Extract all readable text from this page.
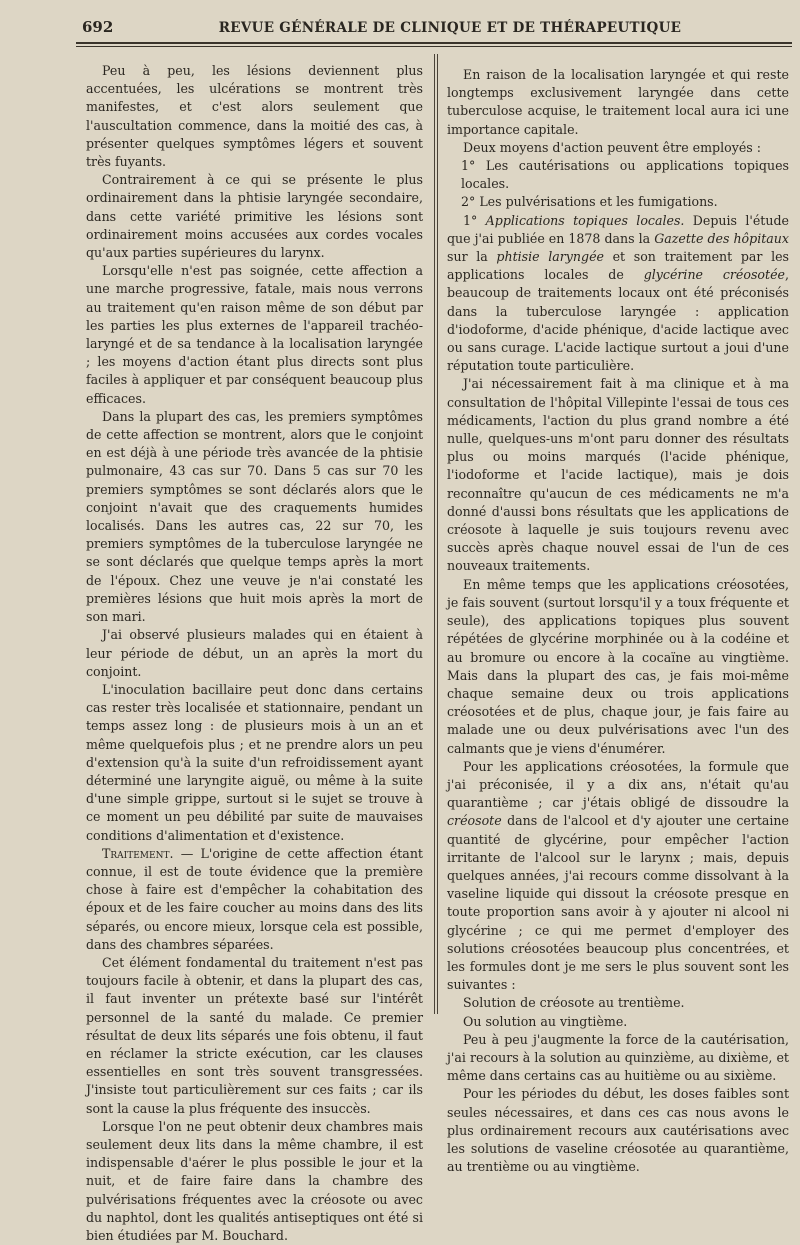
692	REVUE GÉNÉRALE DE CLINIQUE ET DE THÉRAPEUTIQUE

Peu à peu, les lésions deviennent plus accentuées, les ulcérations se montrent très manifestes, et c'est alors seulement que l'auscultation commence, dans la moitié des cas, à présenter quelques symptômes légers et souvent très fuyants.

Contrairement à ce qui se présente le plus ordinairement dans la phtisie laryngée secondaire, dans cette variété primitive les lésions sont ordinairement moins accusées aux cordes vocales qu'aux parties supérieures du larynx.

Lorsqu'elle n'est pas soignée, cette affection a une marche progressive, fatale, mais nous verrons au traitement qu'en raison même de son début par les parties les plus externes de l'appareil trachéo-laryngé et de sa tendance à la localisation laryngée ; les moyens d'action étant plus directs sont plus faciles à appliquer et par conséquent beaucoup plus efficaces.

Dans la plupart des cas, les premiers symptômes de cette affection se montrent, alors que le conjoint en est déjà à une période très avancée de la phtisie pulmonaire, 43 cas sur 70. Dans 5 cas sur 70 les premiers symptômes se sont déclarés alors que le conjoint n'avait que des craquements humides localisés. Dans les autres cas, 22 sur 70, les premiers symptômes de la tuberculose laryngée ne se sont déclarés que quelque temps après la mort de l'époux. Chez une veuve je n'ai constaté les premières lésions que huit mois après la mort de son mari.

J'ai observé plusieurs malades qui en étaient à leur période de début, un an après la mort du conjoint.

L'inoculation bacillaire peut donc dans certains cas rester très localisée et stationnaire, pendant un temps assez long : de plusieurs mois à un an et même quelquefois plus ; et ne prendre alors un peu d'extension qu'à la suite d'un refroidissement ayant déterminé une laryngite aiguë, ou même à la suite d'une simple grippe, surtout si le sujet se trouve à ce moment un peu débilité par suite de mauvaises conditions d'alimentation et d'existence.

Traitement. — L'origine de cette affection étant connue, il est de toute évidence que la première chose à faire est d'empêcher la cohabitation des époux et de les faire coucher au moins dans des lits séparés, ou encore mieux, lorsque cela est possible, dans des chambres séparées.

Cet élément fondamental du traitement n'est pas toujours facile à obtenir, et dans la plupart des cas, il faut inventer un prétexte basé sur l'intérêt personnel de la santé du malade. Ce premier résultat de deux lits séparés une fois obtenu, il faut en réclamer la stricte exécution, car les clauses essentielles en sont très souvent transgressées. J'insiste tout particulièrement sur ces faits ; car ils sont la cause la plus fréquente des insuccès.

Lorsque l'on ne peut obtenir deux chambres mais seulement deux lits dans la même chambre, il est indispensable d'aérer le plus possible le jour et la nuit, et de faire faire dans la chambre des pulvérisations fréquentes avec la créosote ou avec du naphtol, dont les qualités antiseptiques ont été si bien étudiées par M. Bouchard.

En raison de la localisation laryngée et qui reste longtemps exclusivement laryngée dans cette tuberculose acquise, le traitement local aura ici une importance capitale.

Deux moyens d'action peuvent être employés :

1° Les cautérisations ou applications topiques locales.

2° Les pulvérisations et les fumigations.

1° Applications topiques locales. Depuis l'étude que j'ai publiée en 1878 dans la Gazette des hôpitaux sur la phtisie laryngée et son traitement par les applications locales de glycérine créosotée, beaucoup de traitements locaux ont été préconisés dans la tuberculose laryngée : application d'iodoforme, d'acide phénique, d'acide lactique avec ou sans curage. L'acide lactique surtout a joui d'une réputation toute particulière.

J'ai nécessairement fait à ma clinique et à ma consultation de l'hôpital Villepinte l'essai de tous ces médicaments, l'action du plus grand nombre a été nulle, quelques-uns m'ont paru donner des résultats plus ou moins marqués (l'acide phénique, l'iodoforme et l'acide lactique), mais je dois reconnaître qu'aucun de ces médicaments ne m'a donné d'aussi bons résultats que les applications de créosote à laquelle je suis toujours revenu avec succès après chaque nouvel essai de l'un de ces nouveaux traitements.

En même temps que les applications créosotées, je fais souvent (surtout lorsqu'il y a toux fréquente et seule), des applications topiques plus souvent répétées de glycérine morphinée ou à la codéine et au bromure ou encore à la cocaïne au vingtième. Mais dans la plupart des cas, je fais moi-même chaque semaine deux ou trois applications créosotées et de plus, chaque jour, je fais faire au malade une ou deux pulvérisations avec l'un des calmants que je viens d'énumérer.

Pour les applications créosotées, la formule que j'ai préconisée, il y a dix ans, n'était qu'au quarantième ; car j'étais obligé de dissoudre la créosote dans de l'alcool et d'y ajouter une certaine quantité de glycérine, pour empêcher l'action irritante de l'alcool sur le larynx ; mais, depuis quelques années, j'ai recours comme dissolvant à la vaseline liquide qui dissout la créosote presque en toute proportion sans avoir à y ajouter ni alcool ni glycérine ; ce qui me permet d'employer des solutions créosotées beaucoup plus concentrées, et les formules dont je me sers le plus souvent sont les suivantes :

Solution de créosote au trentième.

Ou solution au vingtième.

Peu à peu j'augmente la force de la cautérisation, j'ai recours à la solution au quinzième, au dixième, et même dans certains cas au huitième ou au sixième.

Pour les périodes du début, les doses faibles sont seules nécessaires, et dans ces cas nous avons le plus ordinairement recours aux cautérisations avec les solutions de vaseline créosotée au quarantième, au trentième ou au vingtième.
